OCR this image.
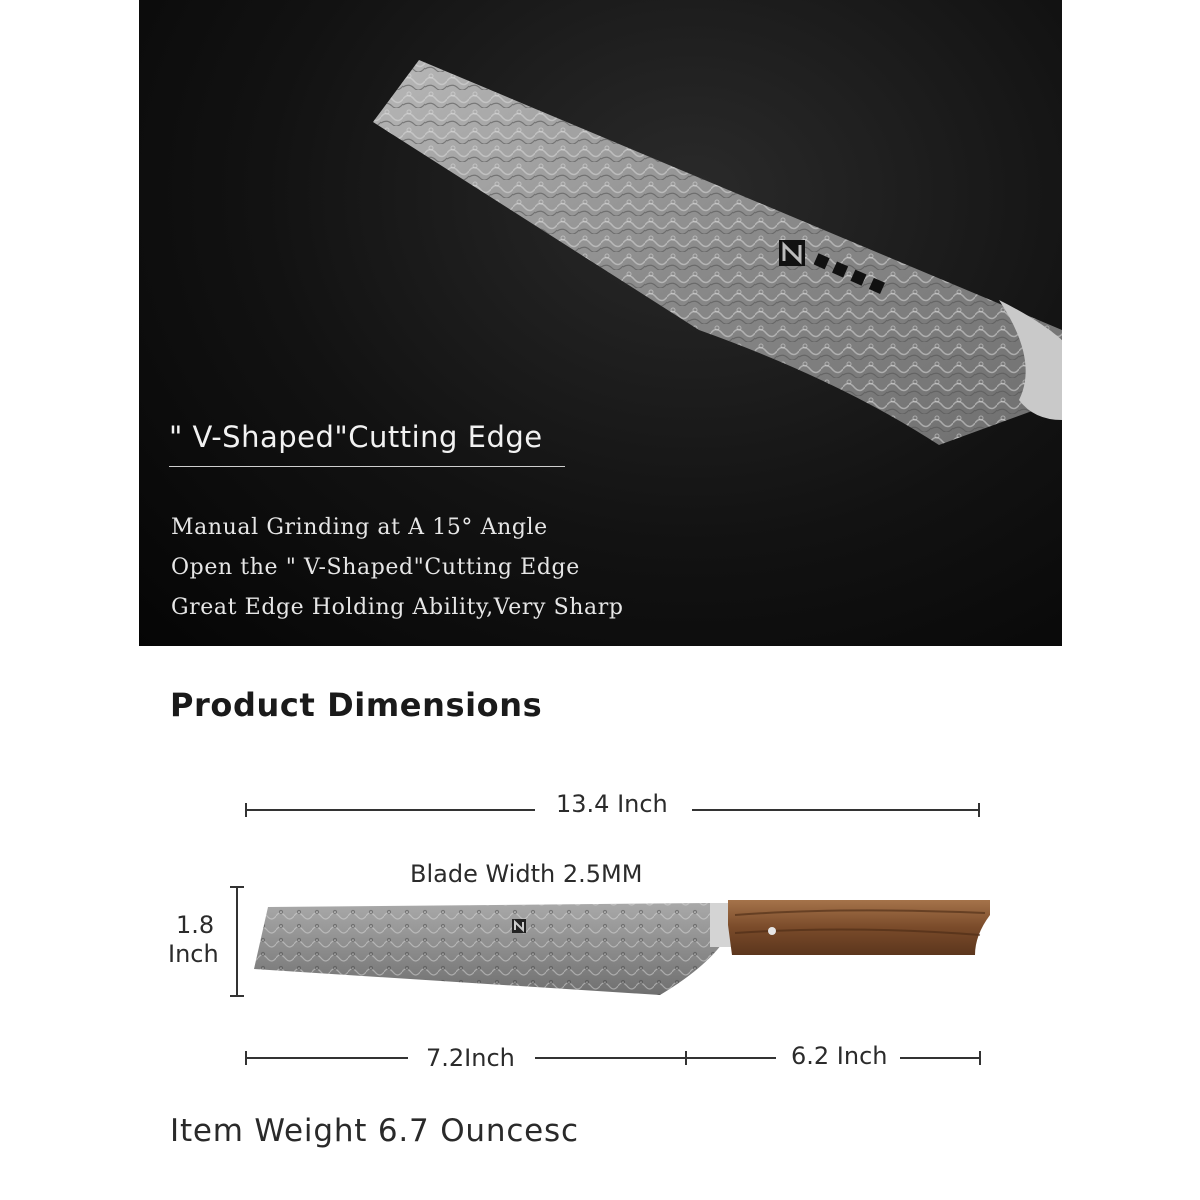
■ ■ ■ ■
" V-Shaped"Cutting Edge
Manual Grinding at A 15° Angle
Open the " V-Shaped"Cutting Edge
Great Edge Holding Ability,Very Sharp
Product Dimensions
13.4 Inch
Blade Width 2.5MM
1.8
Inch
7.2Inch	6.2 Inch
Item Weight 6.7 Ouncesc
